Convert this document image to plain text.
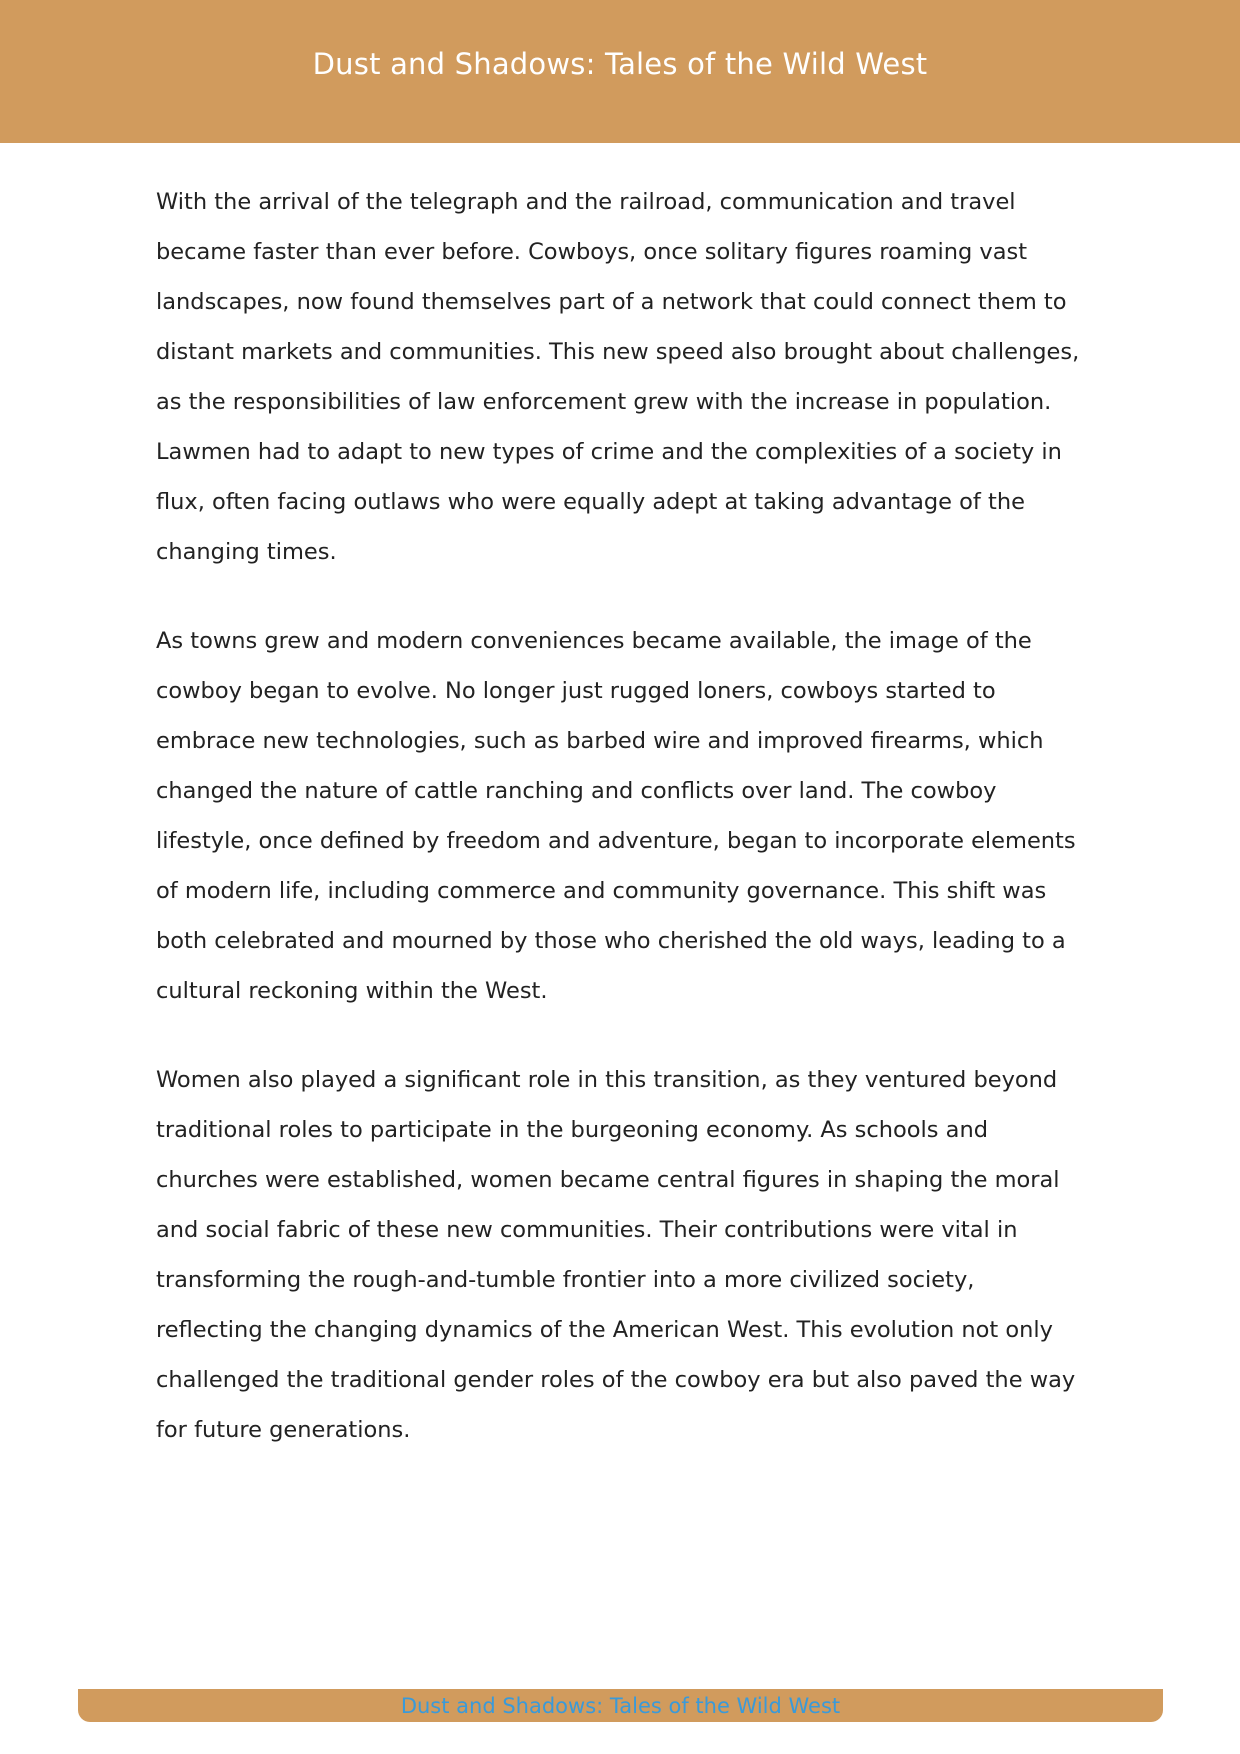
Dust and Shadows: Tales of the Wild West

With the arrival of the telegraph and the railroad, communication and travel became faster than ever before. Cowboys, once solitary figures roaming vast landscapes, now found themselves part of a network that could connect them to distant markets and communities. This new speed also brought about challenges, as the responsibilities of law enforcement grew with the increase in population. Lawmen had to adapt to new types of crime and the complexities of a society in flux, often facing outlaws who were equally adept at taking advantage of the changing times.

As towns grew and modern conveniences became available, the image of the cowboy began to evolve. No longer just rugged loners, cowboys started to embrace new technologies, such as barbed wire and improved firearms, which changed the nature of cattle ranching and conflicts over land. The cowboy lifestyle, once defined by freedom and adventure, began to incorporate elements of modern life, including commerce and community governance. This shift was both celebrated and mourned by those who cherished the old ways, leading to a cultural reckoning within the West.

Women also played a significant role in this transition, as they ventured beyond traditional roles to participate in the burgeoning economy. As schools and churches were established, women became central figures in shaping the moral and social fabric of these new communities. Their contributions were vital in transforming the rough-and-tumble frontier into a more civilized society, reflecting the changing dynamics of the American West. This evolution not only challenged the traditional gender roles of the cowboy era but also paved the way for future generations.

Dust and Shadows: Tales of the Wild West
